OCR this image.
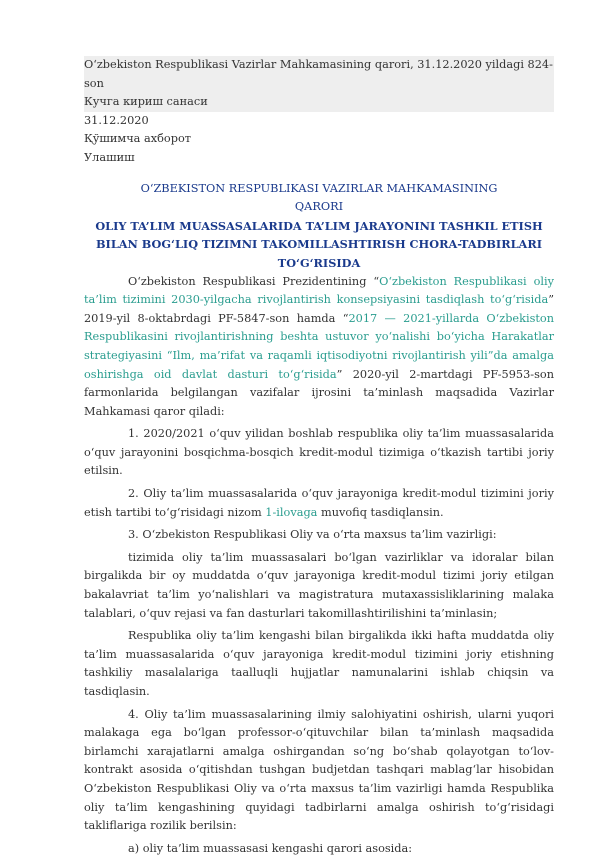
O‘zbekiston Respublikasi Vazirlar Mahkamasining qarori, 31.12.2020 yildagi 824-son
Кучга кириш санаси
31.12.2020
Қўшимча ахборот
Улашиш
O‘ZBEKISTON RESPUBLIKASI VAZIRLAR MAHKAMASINING
QARORI
OLIY TA’LIM MUASSASALARIDA TA’LIM JARAYONINI TASHKIL ETISH BILAN BOG‘LIQ TIZIMNI TAKOMILLASHTIRISH CHORA-TADBIRLARI TO‘G‘RISIDA

O‘zbekiston Respublikasi Prezidentining “O‘zbekiston Respublikasi oliy ta’lim tizimini 2030-yilgacha rivojlantirish konsepsiyasini tasdiqlash to‘g‘risida” 2019-yil 8-oktabrdagi PF-5847-son hamda “2017 — 2021-yillarda O‘zbekiston Respublikasini rivojlantirishning beshta ustuvor yo‘nalishi bo‘yicha Harakatlar strategiyasini “Ilm, ma’rifat va raqamli iqtisodiyotni rivojlantirish yili”da amalga oshirishga oid davlat dasturi to‘g‘risida” 2020-yil 2-martdagi PF-5953-son farmonlarida belgilangan vazifalar ijrosini ta’minlash maqsadida Vazirlar Mahkamasi qaror qiladi:

1. 2020/2021 o‘quv yilidan boshlab respublika oliy ta’lim muassasalarida o‘quv jarayonini bosqichma-bosqich kredit-modul tizimiga o‘tkazish tartibi joriy etilsin.

2. Oliy ta’lim muassasalarida o‘quv jarayoniga kredit-modul tizimini joriy etish tartibi to‘g‘risidagi nizom 1-ilovaga muvofiq tasdiqlansin.

3. O‘zbekiston Respublikasi Oliy va o‘rta maxsus ta’lim vazirligi:

tizimida oliy ta’lim muassasalari bo‘lgan vazirliklar va idoralar bilan birgalikda bir oy muddatda o‘quv jarayoniga kredit-modul tizimi joriy etilgan bakalavriat ta’lim yo‘nalishlari va magistratura mutaxassisliklarining malaka talablari, o‘quv rejasi va fan dasturlari takomillashtirilishini ta’minlasin;

Respublika oliy ta’lim kengashi bilan birgalikda ikki hafta muddatda oliy ta’lim muassasalarida o‘quv jarayoniga kredit-modul tizimini joriy etishning tashkiliy masalalariga taalluqli hujjatlar namunalarini ishlab chiqsin va tasdiqlasin.

4. Oliy ta’lim muassasalarining ilmiy salohiyatini oshirish, ularni yuqori malakaga ega bo‘lgan professor-o‘qituvchilar bilan ta’minlash maqsadida birlamchi xarajatlarni amalga oshirgandan so‘ng bo‘shab qolayotgan to‘lov-kontrakt asosida o‘qitishdan tushgan budjetdan tashqari mablag‘lar hisobidan O‘zbekiston Respublikasi Oliy va o‘rta maxsus ta’lim vazirligi hamda Respublika oliy ta’lim kengashining quyidagi tadbirlarni amalga oshirish to‘g‘risidagi takliflariga rozilik berilsin:

a) oliy ta’lim muassasasi kengashi qarori asosida:
